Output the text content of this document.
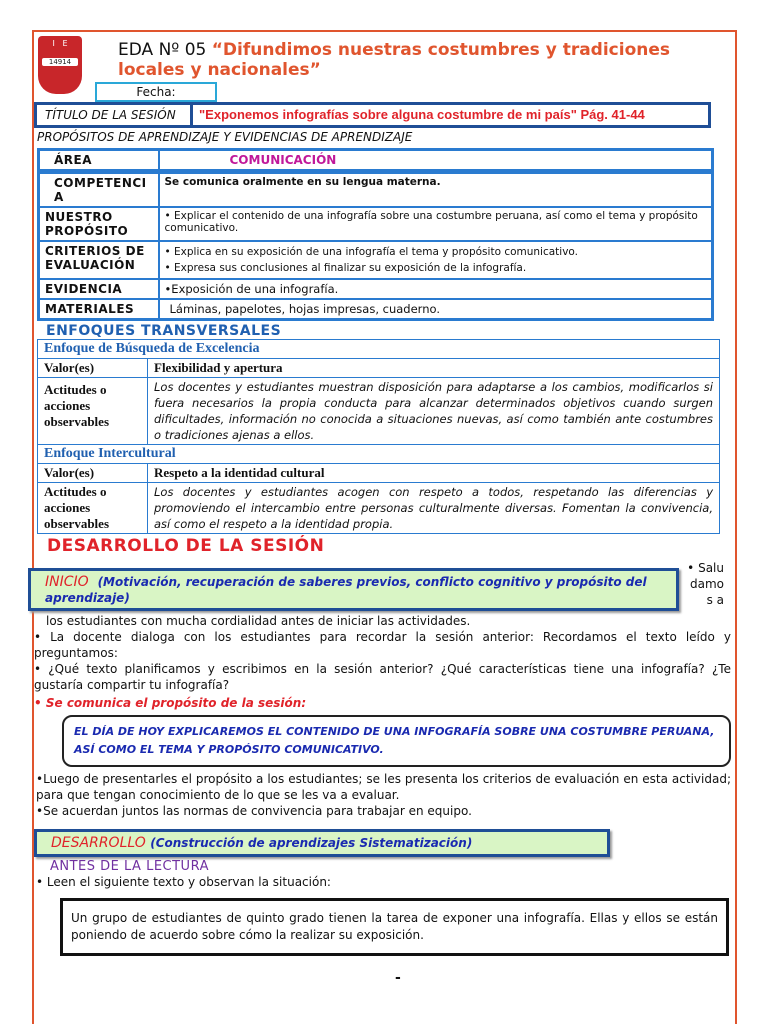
I   E
14914
EDA Nº 05 “Difundimos nuestras costumbres y tradiciones locales y nacionales”
Fecha:
TÍTULO DE LA SESIÓN	"Exponemos infografías sobre alguna costumbre de mi país" Pág. 41-44
PROPÓSITOS DE APRENDIZAJE Y EVIDENCIAS DE APRENDIZAJE
ÁREA	COMUNICACIÓN
COMPETENCIA	Se comunica oralmente en su lengua materna.
NUESTRO PROPÓSITO	• Explicar el contenido de una infografía sobre una costumbre peruana, así como el tema y propósito comunicativo.
CRITERIOS DE EVALUACIÓN	• Explica en su exposición de una infografía el tema y propósito comunicativo.
• Expresa sus conclusiones al finalizar su exposición de la infografía.

EVIDENCIA	•Exposición de una infografía.
MATERIALES	Láminas, papelotes, hojas impresas, cuaderno.
ENFOQUES TRANSVERSALES
Enfoque de Búsqueda de Excelencia	
Valor(es)	Flexibilidad y apertura
Actitudes o acciones observables	Los docentes y estudiantes muestran disposición para adaptarse a los cambios, modificarlos si fuera necesarios la propia conducta para alcanzar determinados objetivos cuando surgen dificultades, información no conocida a situaciones nuevas, así como también ante costumbres o tradiciones ajenas a ellos.
Enfoque Intercultural	
Valor(es)	Respeto a la identidad cultural
Actitudes o acciones observables	Los docentes y estudiantes acogen con respeto a todos, respetando las diferencias y promoviendo el intercambio entre personas culturalmente diversas. Fomentan la convivencia, así como el respeto a la identidad propia.
DESARROLLO DE LA SESIÓN
INICIO (Motivación, recuperación de saberes previos, conflicto cognitivo y propósito del aprendizaje)
• Saludamos a
los estudiantes con mucha cordialidad antes de iniciar las actividades.
• La docente dialoga con los estudiantes para recordar la sesión anterior: Recordamos el texto leído y preguntamos:
• ¿Qué texto planificamos y escribimos en la sesión anterior? ¿Qué características tiene una infografía? ¿Te gustaría compartir tu infografía?
• Se comunica el propósito de la sesión:
EL DÍA DE HOY EXPLICAREMOS EL CONTENIDO DE UNA INFOGRAFÍA SOBRE UNA COSTUMBRE PERUANA, ASÍ COMO EL TEMA Y PROPÓSITO COMUNICATIVO.
•Luego de presentarles el propósito a los estudiantes; se les presenta los criterios de evaluación en esta actividad; para que tengan conocimiento de lo que se les va a evaluar.
•Se acuerdan juntos las normas de convivencia para trabajar en equipo.
DESARROLLO (Construcción de aprendizajes Sistematización)
ANTES DE LA LECTURA
• Leen el siguiente texto y observan la situación:
Un grupo de estudiantes de quinto grado tienen la tarea de exponer una infografía. Ellas y ellos se están poniendo de acuerdo sobre cómo la realizar su exposición.
-
